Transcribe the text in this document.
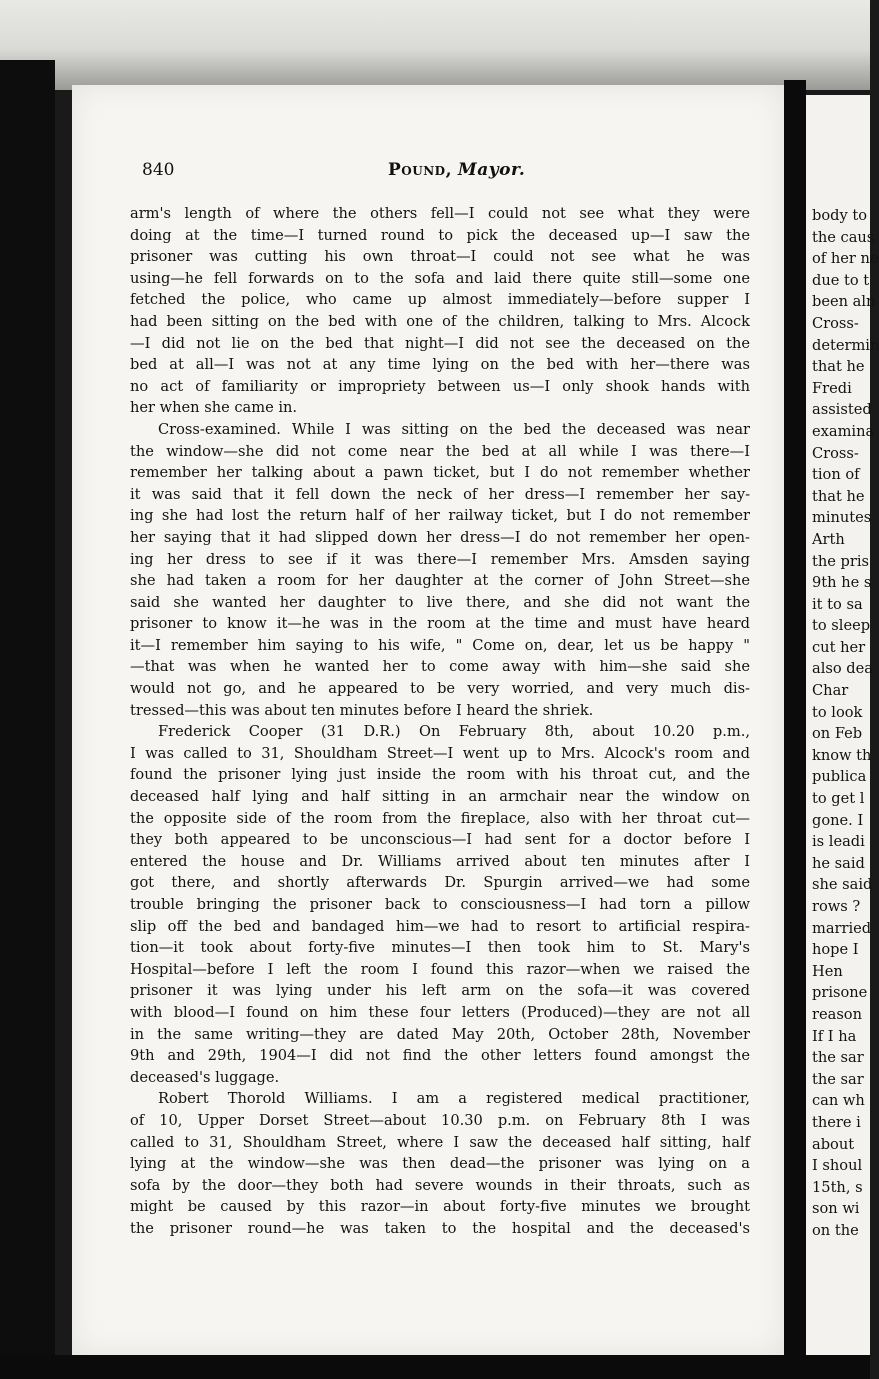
840	Pound, Mayor.
arm's length of where the others fell—I could not see what they were
doing at the time—I turned round to pick the deceased up—I saw the
prisoner was cutting his own throat—I could not see what he was
using—he fell forwards on to the sofa and laid there quite still—some one
fetched the police, who came up almost immediately—before supper I
had been sitting on the bed with one of the children, talking to Mrs. Alcock
—I did not lie on the bed that night—I did not see the deceased on the
bed at all—I was not at any time lying on the bed with her—there was
no act of familiarity or impropriety between us—I only shook hands with
her when she came in.
Cross-examined. While I was sitting on the bed the deceased was near
the window—she did not come near the bed at all while I was there—I
remember her talking about a pawn ticket, but I do not remember whether
it was said that it fell down the neck of her dress—I remember her say-
ing she had lost the return half of her railway ticket, but I do not remember
her saying that it had slipped down her dress—I do not remember her open-
ing her dress to see if it was there—I remember Mrs. Amsden saying
she had taken a room for her daughter at the corner of John Street—she
said she wanted her daughter to live there, and she did not want the
prisoner to know it—he was in the room at the time and must have heard
it—I remember him saying to his wife, " Come on, dear, let us be happy "
—that was when he wanted her to come away with him—she said she
would not go, and he appeared to be very worried, and very much dis-
tressed—this was about ten minutes before I heard the shriek.
Frederick Cooper (31 D.R.) On February 8th, about 10.20 p.m.,
I was called to 31, Shouldham Street—I went up to Mrs. Alcock's room and
found the prisoner lying just inside the room with his throat cut, and the
deceased half lying and half sitting in an armchair near the window on
the opposite side of the room from the fireplace, also with her throat cut—
they both appeared to be unconscious—I had sent for a doctor before I
entered the house and Dr. Williams arrived about ten minutes after I
got there, and shortly afterwards Dr. Spurgin arrived—we had some
trouble bringing the prisoner back to consciousness—I had torn a pillow
slip off the bed and bandaged him—we had to resort to artificial respira-
tion—it took about forty-five minutes—I then took him to St. Mary's
Hospital—before I left the room I found this razor—when we raised the
prisoner it was lying under his left arm on the sofa—it was covered
with blood—I found on him these four letters (Produced)—they are not all
in the same writing—they are dated May 20th, October 28th, November
9th and 29th, 1904—I did not find the other letters found amongst the
deceased's luggage.
Robert Thorold Williams. I am a registered medical practitioner,
of 10, Upper Dorset Street—about 10.30 p.m. on February 8th I was
called to 31, Shouldham Street, where I saw the deceased half sitting, half
lying at the window—she was then dead—the prisoner was lying on a
sofa by the door—they both had severe wounds in their throats, such as
might be caused by this razor—in about forty-five minutes we brought
the prisoner round—he was taken to the hospital and the deceased's
body to
the caus
of her ne
due to t
been aln
Cross-
determin
that he
Fredi
assisted
examina
Cross-
tion of
that he
minutes
Arth
the pris
9th he s
it to sa
to sleep
cut her
also dea
Char
to look
on Feb
know th
publica
to get l
gone. I
is leadi
he said
she said
rows ?
married
hope I
Hen
prisone
reason
If I ha
the sar
the sar
can wh
there i
about
I shoul
15th, s
son wi
on the
